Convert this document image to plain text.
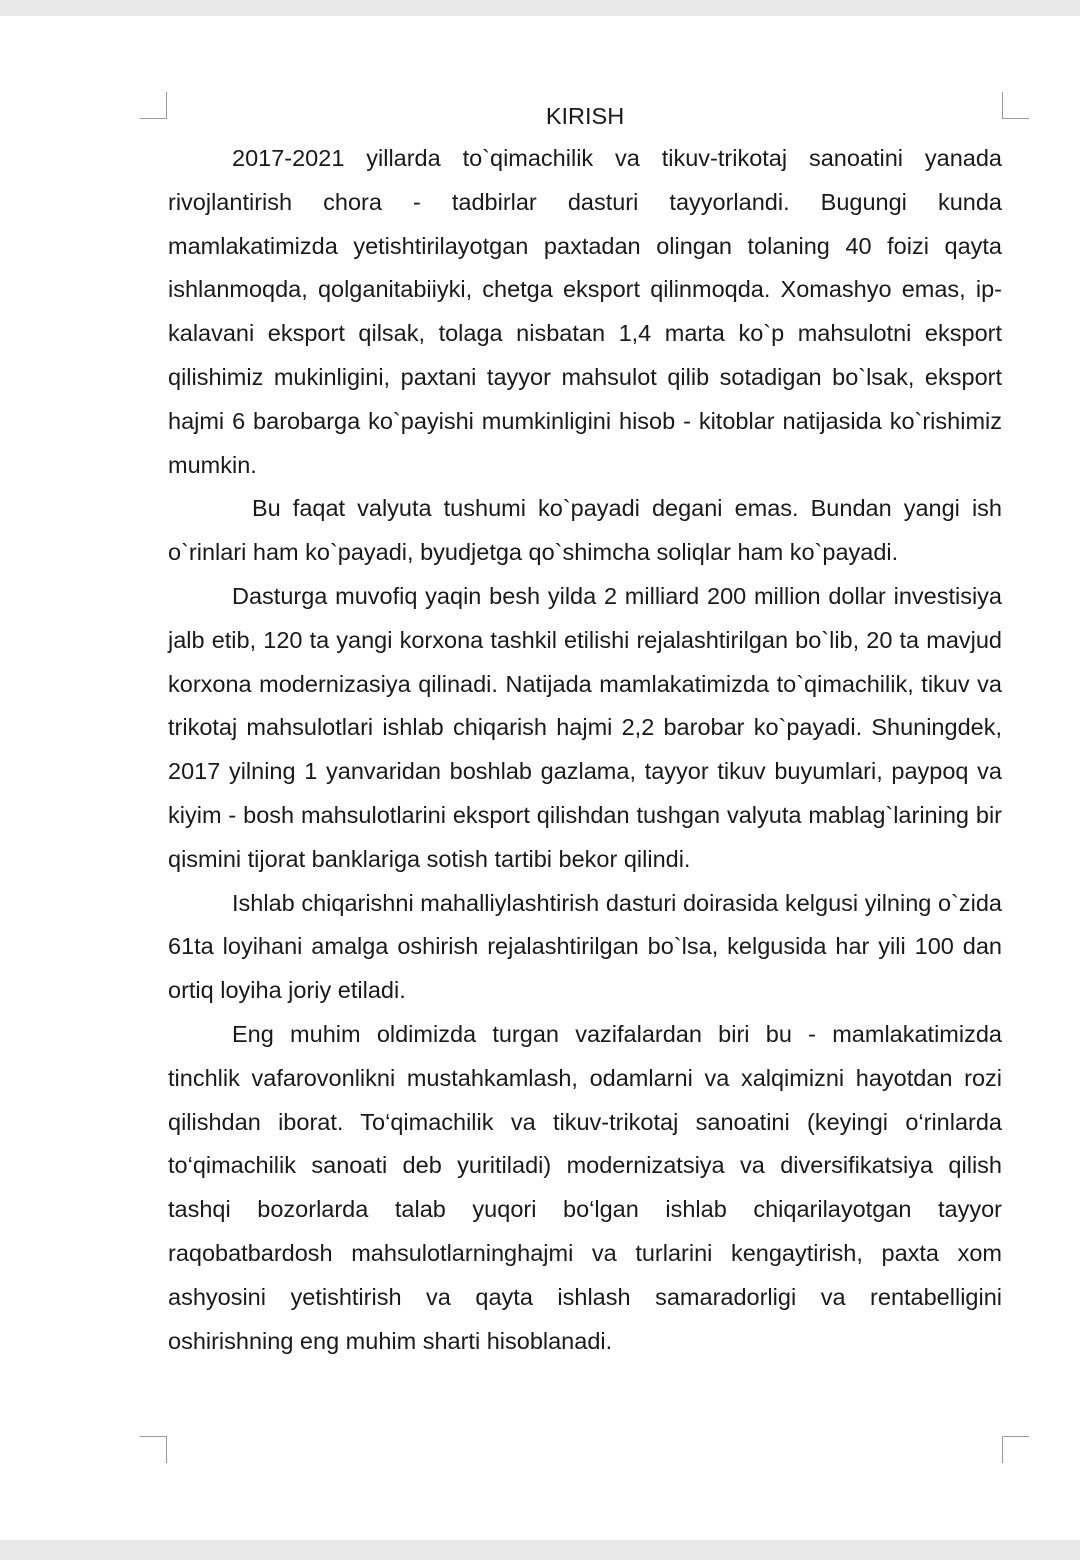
KIRISH

2017-2021 yillarda to`qimachilik va tikuv-trikotaj sanoatini yanada rivojlantirish chora - tadbirlar dasturi tayyorlandi. Bugungi kunda mamlakatimizda yetishtirilayotgan paxtadan olingan tolaning 40 foizi qayta ishlanmoqda, qolganitabiiyki, chetga eksport qilinmoqda. Xomashyo emas, ip-kalavani eksport qilsak, tolaga nisbatan 1,4 marta ko`p mahsulotni eksport qilishimiz mukinligini, paxtani tayyor mahsulot qilib sotadigan bo`lsak, eksport hajmi 6 barobarga ko`payishi mumkinligini hisob - kitoblar natijasida ko`rishimiz mumkin.

Bu faqat valyuta tushumi ko`payadi degani emas. Bundan yangi ish o`rinlari ham ko`payadi, byudjetga qo`shimcha soliqlar ham ko`payadi.

Dasturga muvofiq yaqin besh yilda 2 milliard 200 million dollar investisiya jalb etib, 120 ta yangi korxona tashkil etilishi rejalashtirilgan bo`lib, 20 ta mavjud korxona modernizasiya qilinadi. Natijada mamlakatimizda to`qimachilik, tikuv va trikotaj mahsulotlari ishlab chiqarish hajmi 2,2 barobar ko`payadi. Shuningdek, 2017 yilning 1 yanvaridan boshlab gazlama, tayyor tikuv buyumlari, paypoq va kiyim - bosh mahsulotlarini eksport qilishdan tushgan valyuta mablag`larining bir qismini tijorat banklariga sotish tartibi bekor qilindi.

Ishlab chiqarishni mahalliylashtirish dasturi doirasida kelgusi yilning o`zida 61ta loyihani amalga oshirish rejalashtirilgan bo`lsa, kelgusida har yili 100 dan ortiq loyiha joriy etiladi.

Eng muhim oldimizda turgan vazifalardan biri bu - mamlakatimizda tinchlik vafarovonlikni mustahkamlash, odamlarni va xalqimizni hayotdan rozi qilishdan iborat. To‘qimachilik va tikuv-trikotaj sanoatini (keyingi o‘rinlarda to‘qimachilik sanoati deb yuritiladi) modernizatsiya va diversifikatsiya qilish tashqi bozorlarda talab yuqori bo‘lgan ishlab chiqarilayotgan tayyor raqobatbardosh mahsulotlarninghajmi va turlarini kengaytirish, paxta xom ashyosini yetishtirish va qayta ishlash samaradorligi va rentabelligini oshirishning eng muhim sharti hisoblanadi.
